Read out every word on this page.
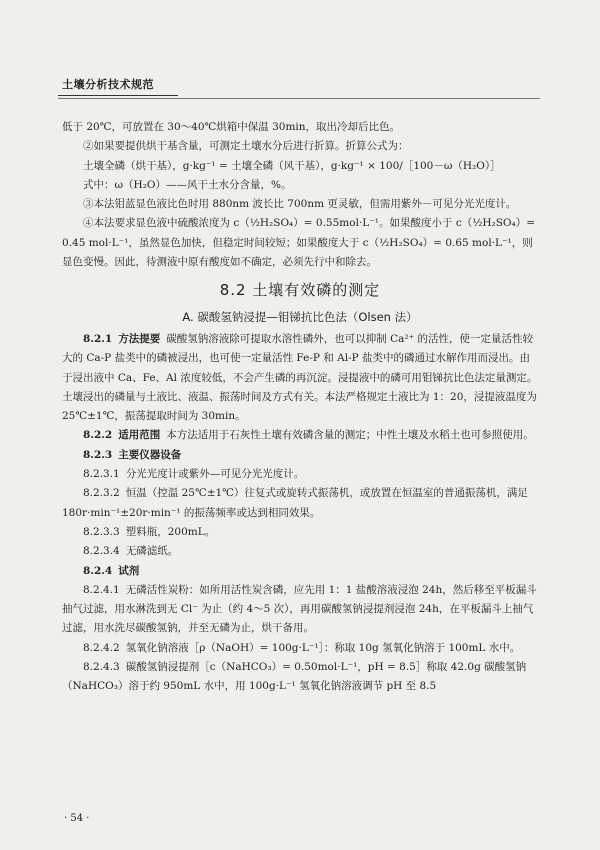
土壤分析技术规范

低于 20℃，可放置在 30～40℃烘箱中保温 30min，取出冷却后比色。

②如果要提供烘干基含量，可测定土壤水分后进行折算。折算公式为：

土壤全磷（烘干基），g·kg⁻¹ = 土壤全磷（风干基），g·kg⁻¹ × 100/［100－ω（H₂O）］

式中：ω（H₂O）——风干土水分含量，%。

③本法钼蓝显色液比色时用 880nm 波长比 700nm 更灵敏，但需用紫外－可见分光光度计。

④本法要求显色液中硫酸浓度为 c（½H₂SO₄）= 0.55mol·L⁻¹。如果酸度小于 c（½H₂SO₄）= 0.45 mol·L⁻¹，虽然显色加快，但稳定时间较短；如果酸度大于 c（½H₂SO₄）= 0.65 mol·L⁻¹，则显色变慢。因此，待测液中原有酸度如不确定，必须先行中和除去。

8.2 土壤有效磷的测定
A. 碳酸氢钠浸提—钼锑抗比色法（Olsen 法）

8.2.1 方法提要 碳酸氢钠溶液除可提取水溶性磷外，也可以抑制 Ca²⁺ 的活性，使一定量活性较大的 Ca-P 盐类中的磷被浸出，也可使一定量活性 Fe-P 和 Al-P 盐类中的磷通过水解作用而浸出。由于浸出液中 Ca、Fe、Al 浓度较低，不会产生磷的再沉淀。浸提液中的磷可用钼锑抗比色法定量测定。土壤浸出的磷量与土液比、液温、振荡时间及方式有关。本法严格规定土液比为 1：20，浸提液温度为 25℃±1℃，振荡提取时间为 30min。

8.2.2 适用范围 本方法适用于石灰性土壤有效磷含量的测定；中性土壤及水稻土也可参照使用。

8.2.3 主要仪器设备

8.2.3.1 分光光度计或紫外—可见分光光度计。

8.2.3.2 恒温（控温 25℃±1℃）往复式或旋转式振荡机，或放置在恒温室的普通振荡机，满足 180r·min⁻¹±20r·min⁻¹ 的振荡频率或达到相同效果。

8.2.3.3 塑料瓶，200mL。

8.2.3.4 无磷滤纸。

8.2.4 试剂

8.2.4.1 无磷活性炭粉：如所用活性炭含磷，应先用 1：1 盐酸溶液浸泡 24h，然后移至平板漏斗抽气过滤，用水淋洗到无 Cl⁻ 为止（约 4～5 次），再用碳酸氢钠浸提剂浸泡 24h，在平板漏斗上抽气过滤，用水洗尽碳酸氢钠，并至无磷为止，烘干备用。

8.2.4.2 氢氧化钠溶液［ρ（NaOH）= 100g·L⁻¹］：称取 10g 氢氧化钠溶于 100mL 水中。

8.2.4.3 碳酸氢钠浸提剂［c（NaHCO₃）= 0.50mol·L⁻¹，pH = 8.5］称取 42.0g 碳酸氢钠（NaHCO₃）溶于约 950mL 水中，用 100g·L⁻¹ 氢氧化钠溶液调节 pH 至 8.5

· 54 ·
